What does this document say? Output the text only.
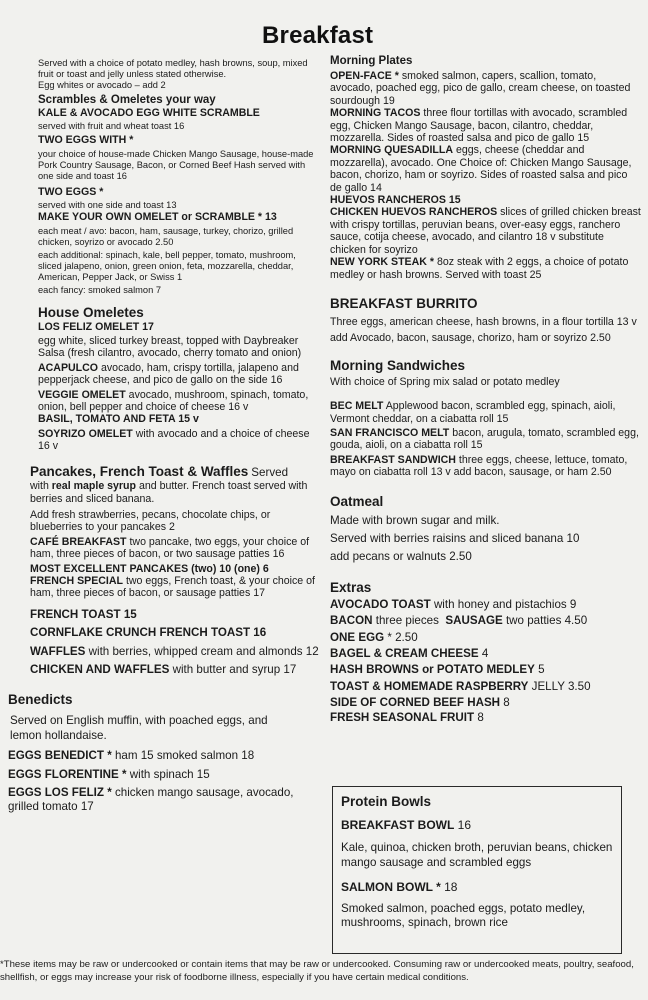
Breakfast

Served with a choice of potato medley, hash browns, soup, mixed fruit or toast and jelly unless stated otherwise.

Egg whites or avocado – add 2

Scrambles & Omeletes your way

KALE & AVOCADO EGG WHITE SCRAMBLE

served with fruit and wheat toast 16

TWO EGGS WITH *

your choice of house-made Chicken Mango Sausage, house-made Pork Country Sausage, Bacon, or Corned Beef Hash served with one side and toast 16

TWO EGGS *

served with one side and toast 13

MAKE YOUR OWN OMELET or SCRAMBLE * 13

each meat / avo: bacon, ham, sausage, turkey, chorizo, grilled chicken, soyrizo or avocado 2.50

each additional: spinach, kale, bell pepper, tomato, mushroom, sliced jalapeno, onion, green onion, feta, mozzarella, cheddar, American, Pepper Jack, or Swiss 1

each fancy: smoked salmon 7

House Omeletes

LOS FELIZ OMELET 17

egg white, sliced turkey breast, topped with Daybreaker Salsa (fresh cilantro, avocado, cherry tomato and onion)

ACAPULCO avocado, ham, crispy tortilla, jalapeno and pepperjack cheese, and pico de gallo on the side 16

VEGGIE OMELET avocado, mushroom, spinach, tomato, onion, bell pepper and choice of cheese 16 v

BASIL, TOMATO AND FETA 15 v

SOYRIZO OMELET with avocado and a choice of cheese 16 v

Pancakes, French Toast & Waffles Served

with real maple syrup and butter. French toast served with berries and sliced banana.

Add fresh strawberries, pecans, chocolate chips, or blueberries to your pancakes 2

CAFÉ BREAKFAST two pancake, two eggs, your choice of ham, three pieces of bacon, or two sausage patties 16

MOST EXCELLENT PANCAKES (two) 10 (one) 6

FRENCH SPECIAL two eggs, French toast, & your choice of ham, three pieces of bacon, or sausage patties 17

FRENCH TOAST 15

CORNFLAKE CRUNCH FRENCH TOAST 16

WAFFLES with berries, whipped cream and almonds 12

CHICKEN AND WAFFLES with butter and syrup 17

Benedicts

Served on English muffin, with poached eggs, and lemon hollandaise.

EGGS BENEDICT * ham 15 smoked salmon 18

EGGS FLORENTINE * with spinach 15

EGGS LOS FELIZ * chicken mango sausage, avocado, grilled tomato 17

Morning Plates

OPEN-FACE * smoked salmon, capers, scallion, tomato, avocado, poached egg, pico de gallo, cream cheese, on toasted sourdough 19

MORNING TACOS three flour tortillas with avocado, scrambled egg, Chicken Mango Sausage, bacon, cilantro, cheddar, mozzarella. Sides of roasted salsa and pico de gallo 15

MORNING QUESADILLA eggs, cheese (cheddar and mozzarella), avocado. One Choice of: Chicken Mango Sausage, bacon, chorizo, ham or soyrizo. Sides of roasted salsa and pico de gallo 14

HUEVOS RANCHEROS 15

CHICKEN HUEVOS RANCHEROS slices of grilled chicken breast with crispy tortillas, peruvian beans, over-easy eggs, ranchero sauce, cotija cheese, avocado, and cilantro 18 v substitute chicken for soyrizo

NEW YORK STEAK * 8oz steak with 2 eggs, a choice of potato medley or hash browns. Served with toast 25

BREAKFAST BURRITO

Three eggs, american cheese, hash browns, in a flour tortilla 13 v

add Avocado, bacon, sausage, chorizo, ham or soyrizo 2.50

Morning Sandwiches

With choice of Spring mix salad or potato medley

BEC MELT Applewood bacon, scrambled egg, spinach, aioli, Vermont cheddar, on a ciabatta roll 15

SAN FRANCISCO MELT bacon, arugula, tomato, scrambled egg, gouda, aioli, on a ciabatta roll 15

BREAKFAST SANDWICH three eggs, cheese, lettuce, tomato, mayo on ciabatta roll 13 v add bacon, sausage, or ham 2.50

Oatmeal

Made with brown sugar and milk.

Served with berries raisins and sliced banana 10

add pecans or walnuts 2.50

Extras

AVOCADO TOAST with honey and pistachios 9

BACON three pieces SAUSAGE two patties 4.50

ONE EGG * 2.50

BAGEL & CREAM CHEESE 4

HASH BROWNS or POTATO MEDLEY 5

TOAST & HOMEMADE RASPBERRY JELLY 3.50

SIDE OF CORNED BEEF HASH 8

FRESH SEASONAL FRUIT 8

Protein Bowls

BREAKFAST BOWL 16

Kale, quinoa, chicken broth, peruvian beans, chicken mango sausage and scrambled eggs

SALMON BOWL * 18

Smoked salmon, poached eggs, potato medley, mushrooms, spinach, brown rice

*These items may be raw or undercooked or contain items that may be raw or undercooked. Consuming raw or undercooked meats, poultry, seafood, shellfish, or eggs may increase your risk of foodborne illness, especially if you have certain medical conditions.
